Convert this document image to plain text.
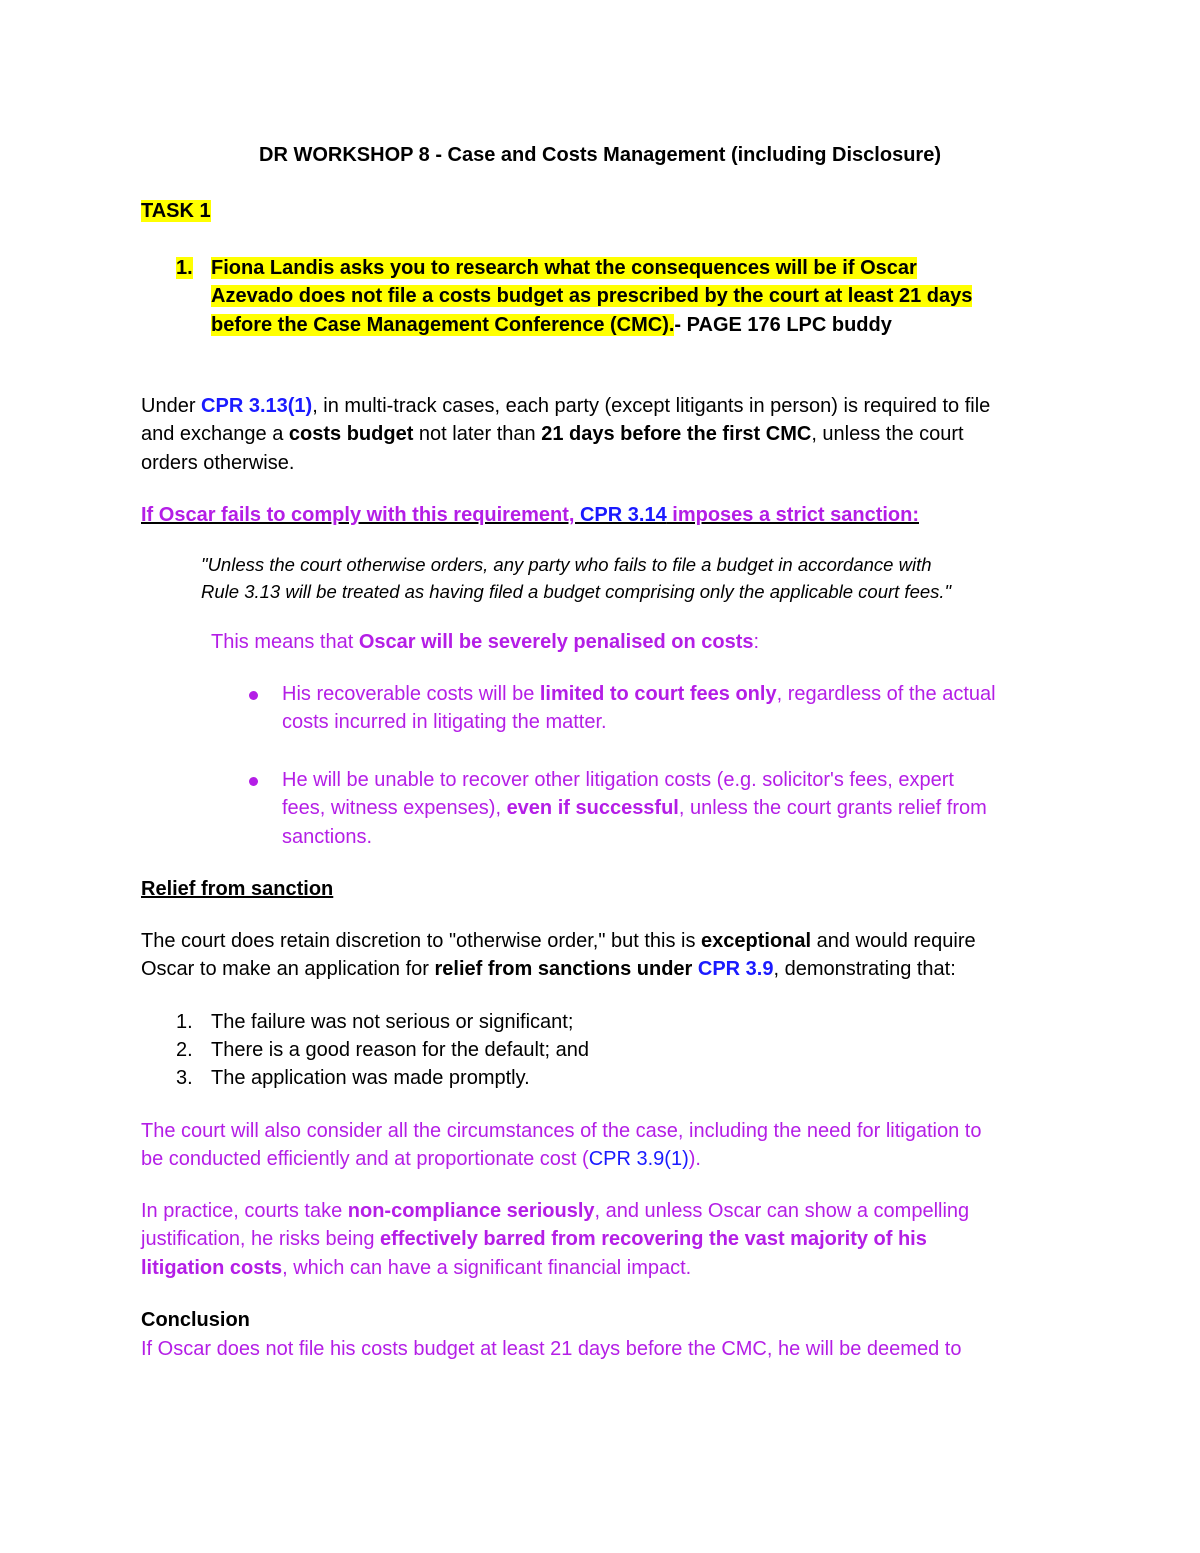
DR WORKSHOP 8 - Case and Costs Management (including Disclosure)
TASK 1
1. Fiona Landis asks you to research what the consequences will be if Oscar
Azevado does not file a costs budget as prescribed by the court at least 21 days
before the Case Management Conference (CMC).- PAGE 176 LPC buddy
Under CPR 3.13(1), in multi-track cases, each party (except litigants in person) is required to file
and exchange a costs budget not later than 21 days before the first CMC, unless the court
orders otherwise.
If Oscar fails to comply with this requirement, CPR 3.14 imposes a strict sanction:
"Unless the court otherwise orders, any party who fails to file a budget in accordance with
Rule 3.13 will be treated as having filed a budget comprising only the applicable court fees."
This means that Oscar will be severely penalised on costs:
His recoverable costs will be limited to court fees only, regardless of the actual
costs incurred in litigating the matter.
He will be unable to recover other litigation costs (e.g. solicitor's fees, expert
fees, witness expenses), even if successful, unless the court grants relief from
sanctions.
Relief from sanction
The court does retain discretion to "otherwise order," but this is exceptional and would require
Oscar to make an application for relief from sanctions under CPR 3.9, demonstrating that:
1. The failure was not serious or significant;
2. There is a good reason for the default; and
3. The application was made promptly.
The court will also consider all the circumstances of the case, including the need for litigation to
be conducted efficiently and at proportionate cost (CPR 3.9(1)).
In practice, courts take non-compliance seriously, and unless Oscar can show a compelling
justification, he risks being effectively barred from recovering the vast majority of his
litigation costs, which can have a significant financial impact.
Conclusion
If Oscar does not file his costs budget at least 21 days before the CMC, he will be deemed to
